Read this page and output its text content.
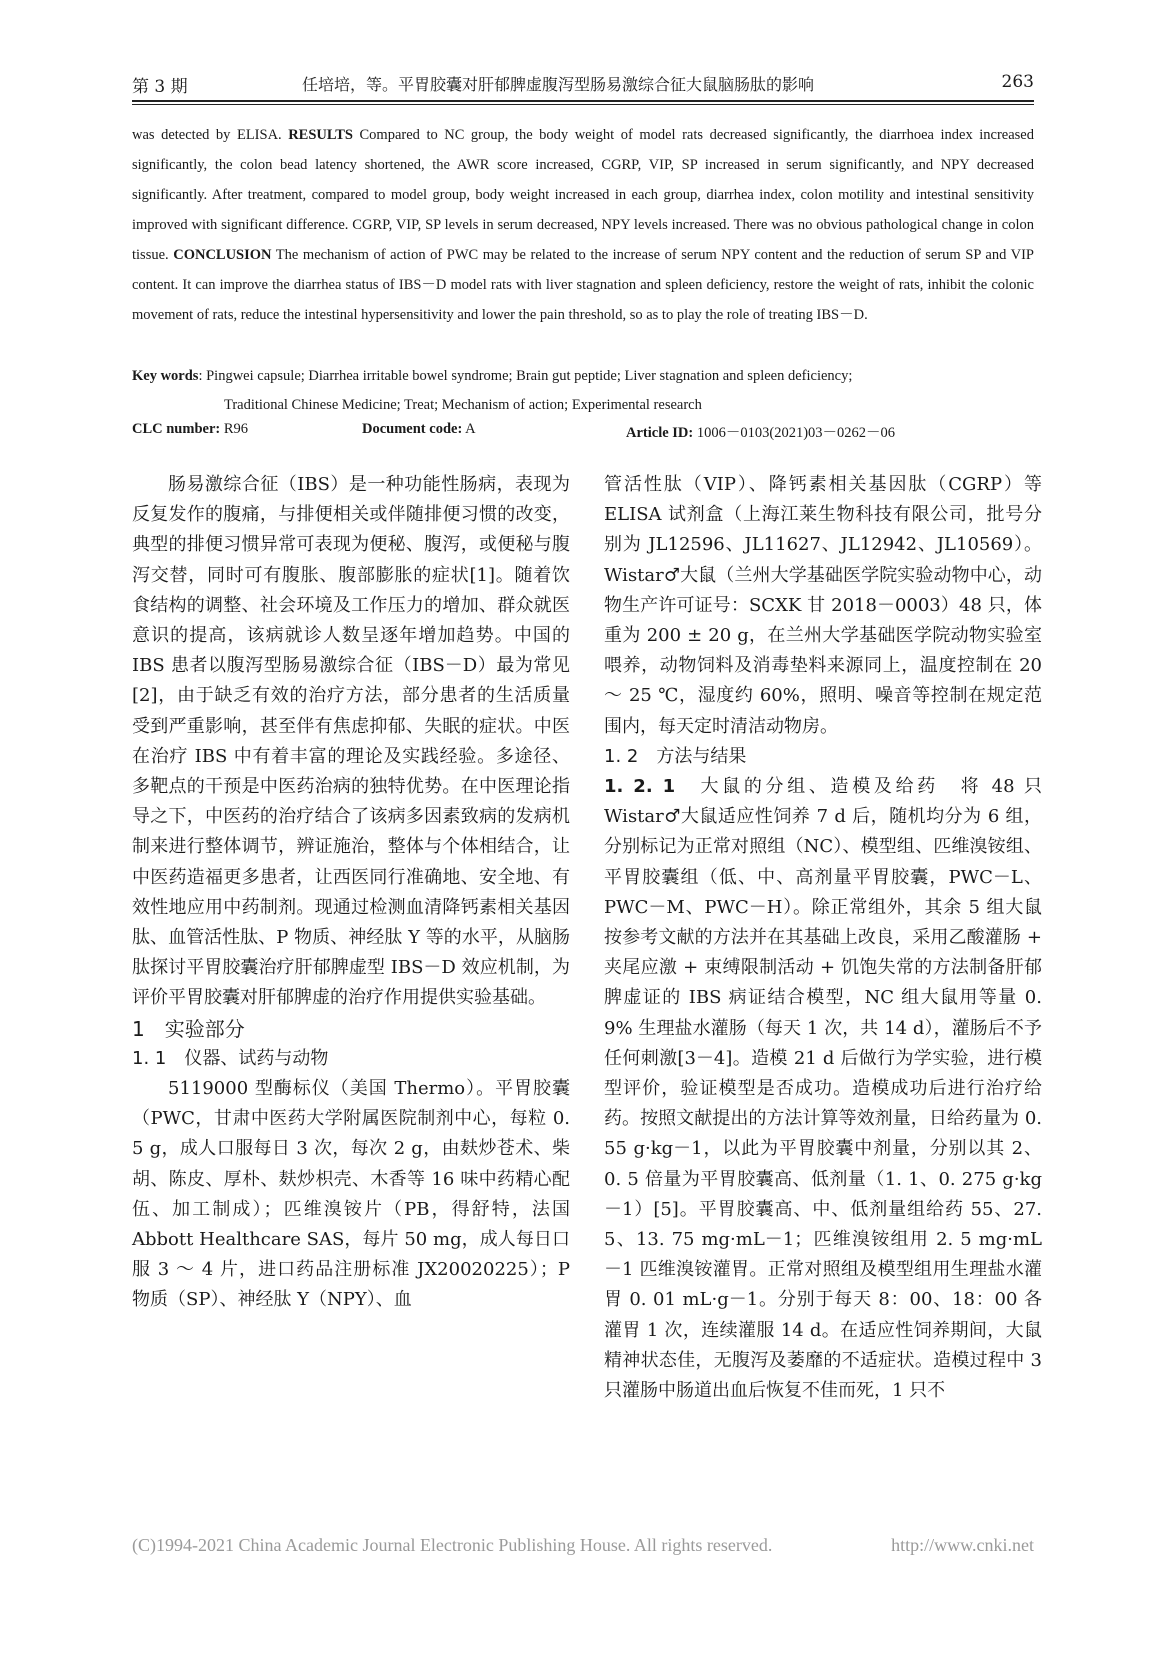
第 3 期	任培培，等。平胃胶囊对肝郁脾虚腹泻型肠易激综合征大鼠脑肠肽的影响	263
was detected by ELISA. RESULTS Compared to NC group, the body weight of model rats decreased significantly, the diarrhoea index increased significantly, the colon bead latency shortened, the AWR score increased, CGRP, VIP, SP increased in serum significantly, and NPY decreased significantly. After treatment, compared to model group, body weight increased in each group, diarrhea index, colon motility and intestinal sensitivity improved with significant difference. CGRP, VIP, SP levels in serum decreased, NPY levels increased. There was no obvious pathological change in colon tissue. CONCLUSION The mechanism of action of PWC may be related to the increase of serum NPY content and the reduction of serum SP and VIP content. It can improve the diarrhea status of IBS－D model rats with liver stagnation and spleen deficiency, restore the weight of rats, inhibit the colonic movement of rats, reduce the intestinal hypersensitivity and lower the pain threshold, so as to play the role of treating IBS－D.
Key words: Pingwei capsule; Diarrhea irritable bowel syndrome; Brain gut peptide; Liver stagnation and spleen deficiency;
Traditional Chinese Medicine; Treat; Mechanism of action; Experimental research
CLC number: R96	Document code: A	Article ID: 1006－0103(2021)03－0262－06

肠易激综合征（IBS）是一种功能性肠病，表现为反复发作的腹痛，与排便相关或伴随排便习惯的改变，典型的排便习惯异常可表现为便秘、腹泻，或便秘与腹泻交替，同时可有腹胀、腹部膨胀的症状[1]。随着饮食结构的调整、社会环境及工作压力的增加、群众就医意识的提高，该病就诊人数呈逐年增加趋势。中国的 IBS 患者以腹泻型肠易激综合征（IBS－D）最为常见[2]，由于缺乏有效的治疗方法，部分患者的生活质量受到严重影响，甚至伴有焦虑抑郁、失眠的症状。中医在治疗 IBS 中有着丰富的理论及实践经验。多途径、多靶点的干预是中医药治病的独特优势。在中医理论指导之下，中医药的治疗结合了该病多因素致病的发病机制来进行整体调节，辨证施治，整体与个体相结合，让中医药造福更多患者，让西医同行准确地、安全地、有效性地应用中药制剂。现通过检测血清降钙素相关基因肽、血管活性肽、P 物质、神经肽 Y 等的水平，从脑肠肽探讨平胃胶囊治疗肝郁脾虚型 IBS－D 效应机制，为评价平胃胶囊对肝郁脾虚的治疗作用提供实验基础。

1　实验部分

1. 1　仪器、试药与动物

5119000 型酶标仪（美国 Thermo）。平胃胶囊（PWC，甘肃中医药大学附属医院制剂中心，每粒 0. 5 g，成人口服每日 3 次，每次 2 g，由麸炒苍术、柴胡、陈皮、厚朴、麸炒枳壳、木香等 16 味中药精心配伍、加工制成）；匹维溴铵片（PB，得舒特，法国 Abbott Healthcare SAS，每片 50 mg，成人每日口服 3 ～ 4 片，进口药品注册标准 JX20020225）；P 物质（SP）、神经肽 Y（NPY）、血

管活性肽（VIP）、降钙素相关基因肽（CGRP）等 ELISA 试剂盒（上海江莱生物科技有限公司，批号分别为 JL12596、JL11627、JL12942、JL10569）。Wistar♂大鼠（兰州大学基础医学院实验动物中心，动物生产许可证号：SCXK 甘 2018－0003）48 只，体重为 200 ± 20 g，在兰州大学基础医学院动物实验室喂养，动物饲料及消毒垫料来源同上，温度控制在 20 ～ 25 ℃，湿度约 60%，照明、噪音等控制在规定范围内，每天定时清洁动物房。

1. 2　方法与结果

1. 2. 1　大鼠的分组、造模及给药　将 48 只 Wistar♂大鼠适应性饲养 7 d 后，随机均分为 6 组，分别标记为正常对照组（NC）、模型组、匹维溴铵组、平胃胶囊组（低、中、高剂量平胃胶囊，PWC－L、PWC－M、PWC－H）。除正常组外，其余 5 组大鼠按参考文献的方法并在其基础上改良，采用乙酸灌肠 + 夹尾应激 + 束缚限制活动 + 饥饱失常的方法制备肝郁脾虚证的 IBS 病证结合模型，NC 组大鼠用等量 0. 9% 生理盐水灌肠（每天 1 次，共 14 d），灌肠后不予任何刺激[3－4]。造模 21 d 后做行为学实验，进行模型评价，验证模型是否成功。造模成功后进行治疗给药。按照文献提出的方法计算等效剂量，日给药量为 0. 55 g·kg－1，以此为平胃胶囊中剂量，分别以其 2、0. 5 倍量为平胃胶囊高、低剂量（1. 1、0. 275 g·kg－1）[5]。平胃胶囊高、中、低剂量组给药 55、27. 5、13. 75 mg·mL－1；匹维溴铵组用 2. 5 mg·mL－1 匹维溴铵灌胃。正常对照组及模型组用生理盐水灌胃 0. 01 mL·g－1。分别于每天 8：00、18：00 各灌胃 1 次，连续灌服 14 d。在适应性饲养期间，大鼠精神状态佳，无腹泻及萎靡的不适症状。造模过程中 3 只灌肠中肠道出血后恢复不佳而死，1 只不

(C)1994-2021 China Academic Journal Electronic Publishing House. All rights reserved.	http://www.cnki.net
